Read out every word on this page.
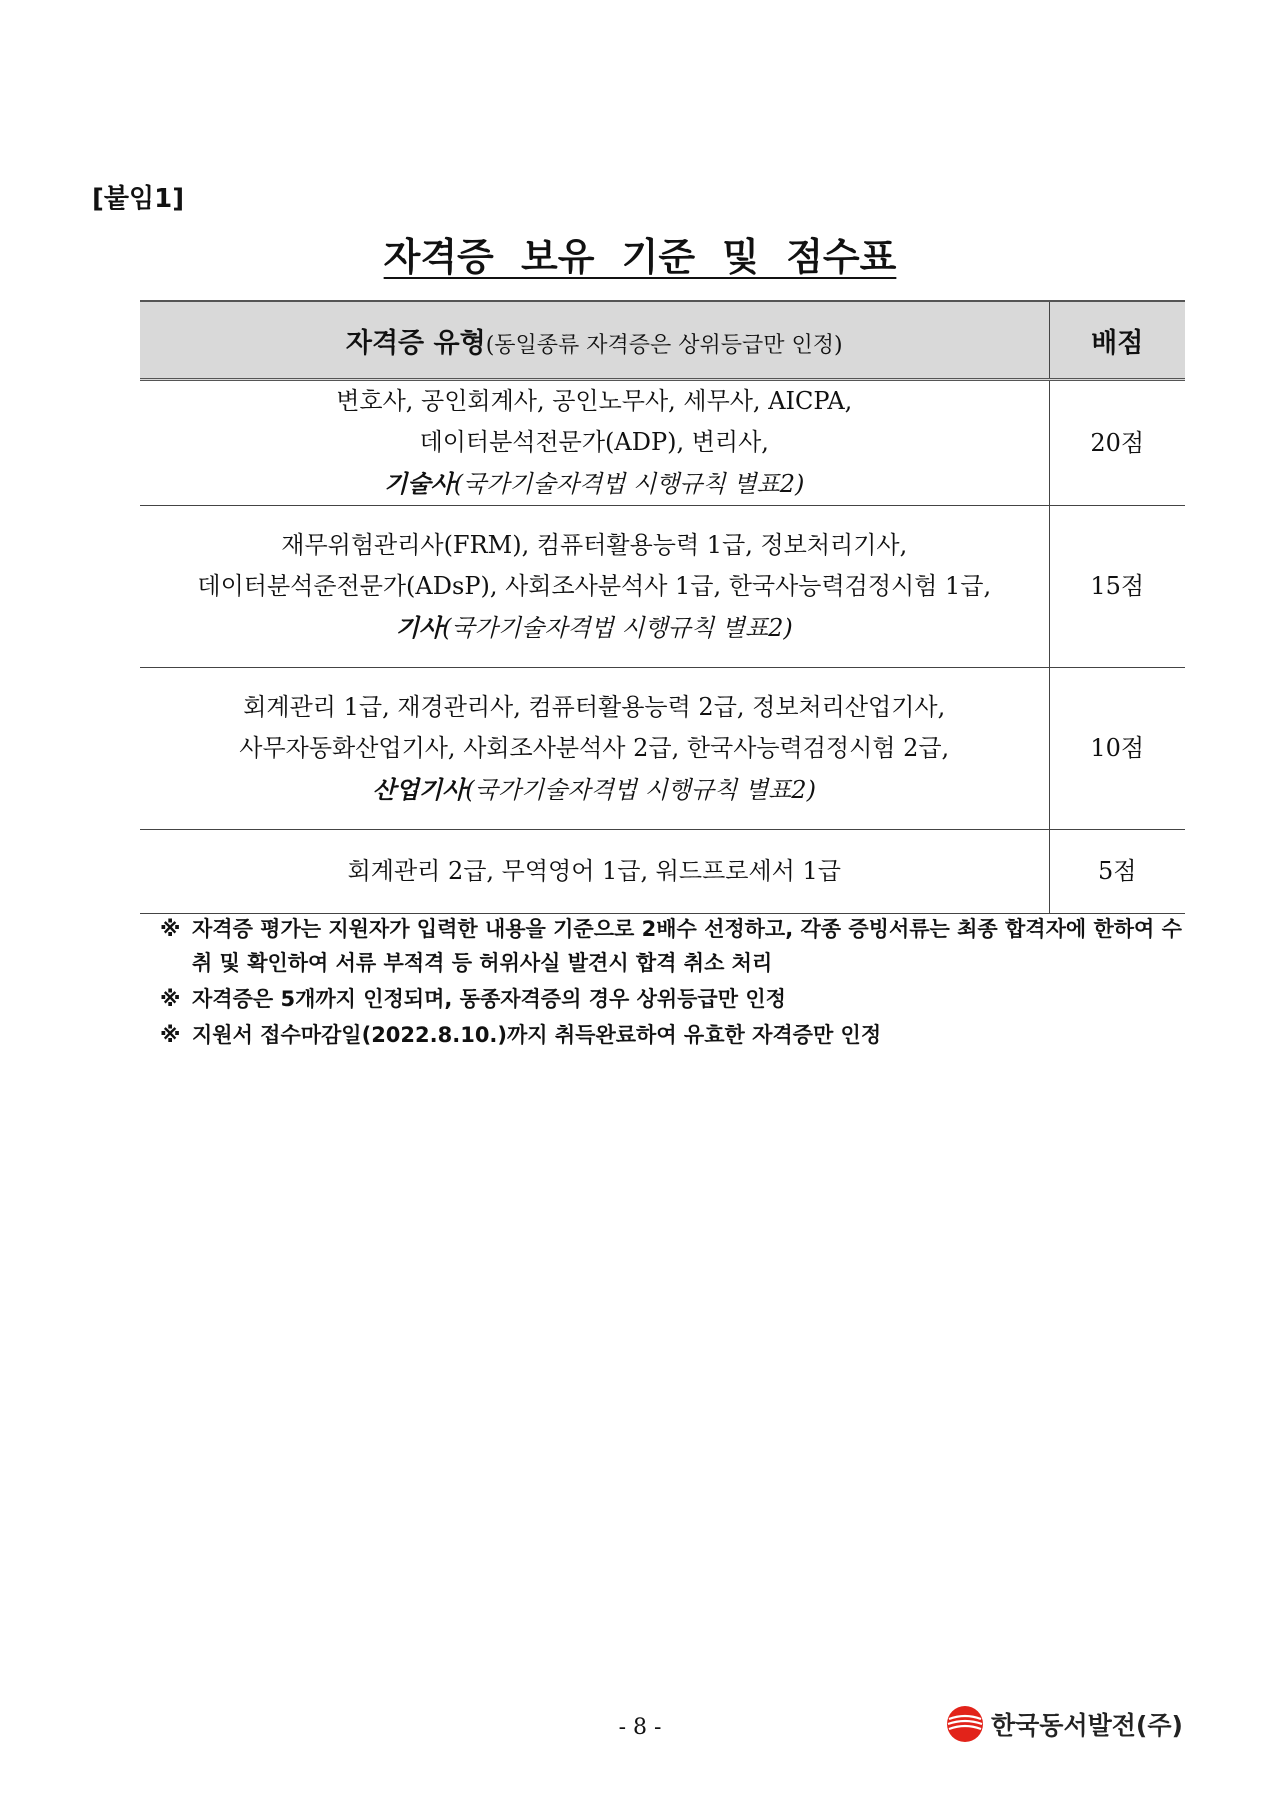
[붙임1]
자격증 보유 기준 및 점수표
자격증 유형(동일종류 자격증은 상위등급만 인정)	배점

변호사, 공인회계사, 공인노무사, 세무사, AICPA,
데이터분석전문가(ADP), 변리사,
기술사(국가기술자격법 시행규칙 별표2)	20점

재무위험관리사(FRM), 컴퓨터활용능력 1급, 정보처리기사,
데이터분석준전문가(ADsP), 사회조사분석사 1급, 한국사능력검정시험 1급,
기사(국가기술자격법 시행규칙 별표2)	15점

회계관리 1급, 재경관리사, 컴퓨터활용능력 2급, 정보처리산업기사,
사무자동화산업기사, 사회조사분석사 2급, 한국사능력검정시험 2급,
산업기사(국가기술자격법 시행규칙 별표2)	10점

회계관리 2급, 무역영어 1급, 워드프로세서 1급	5점
※ 자격증 평가는 지원자가 입력한 내용을 기준으로 2배수 선정하고, 각종 증빙서류는 최종 합격자에 한하여 수취 및 확인하여 서류 부적격 등 허위사실 발견시 합격 취소 처리
※ 자격증은 5개까지 인정되며, 동종자격증의 경우 상위등급만 인정
※ 지원서 접수마감일(2022.8.10.)까지 취득완료하여 유효한 자격증만 인정
- 8 -	한국동서발전(주)
